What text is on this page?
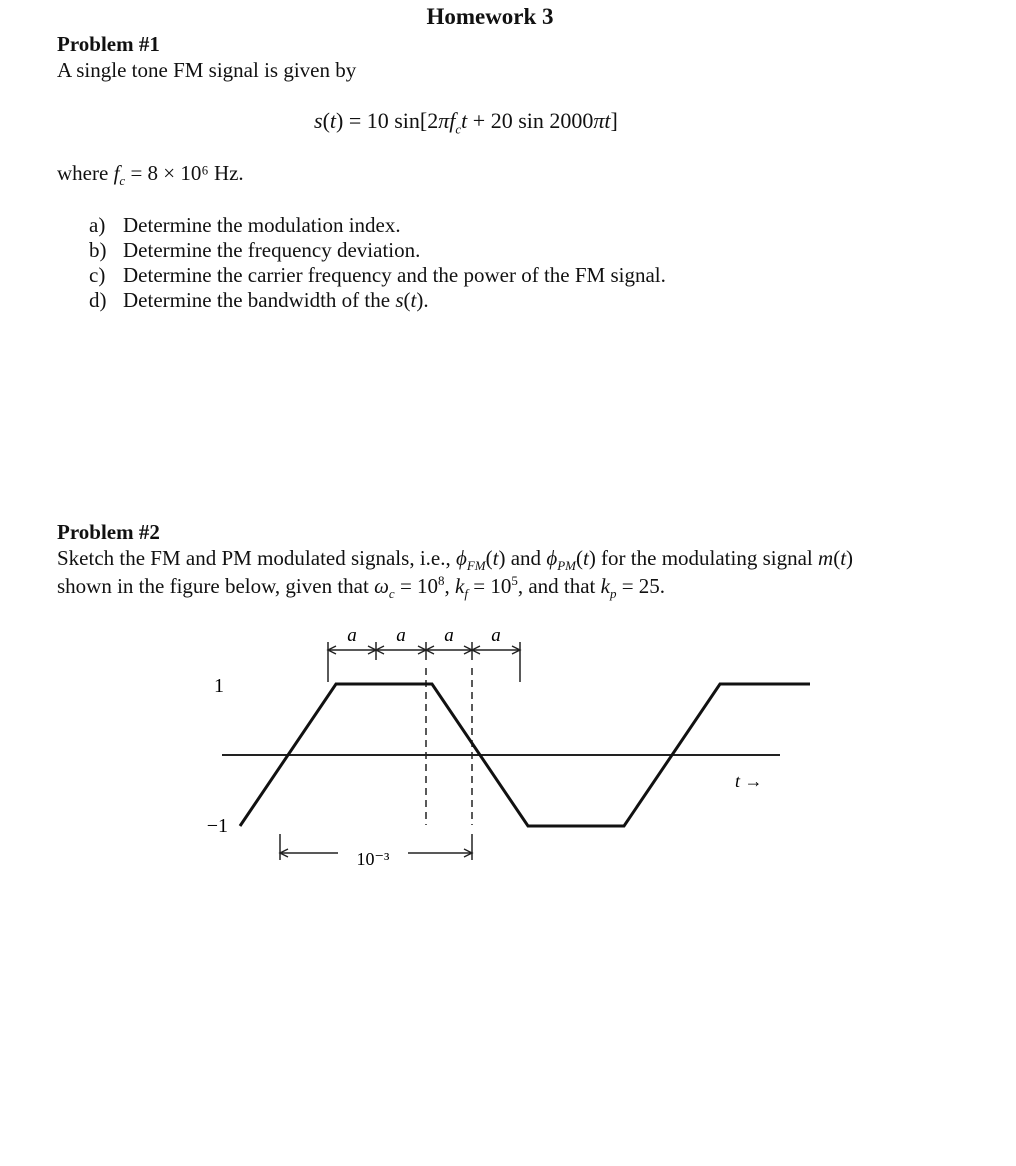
Homework 3
Problem #1
A single tone FM signal is given by
s(t) = 10 $\sin[2\pi f_ct + 20$ sin 2000πt]
where $f_c = 8 \times 10^6$ Hz.
a) Determine the modulation index.
b) Determine the frequency deviation.
c) Determine the carrier frequency and the power of the FM signal.
d) Determine the bandwidth of the s(t).
Problem #2
Sketch the FM and PM modulated signals, i.e., $\phi_{FM}(t)$ and $\phi_{PM}(t)$ for the modulating signal m(t)
shown in the figure below, given that $\omega_c = 10^8$, $k_f = 10^5$, and that $k_p = 25$.
a a a a
1
−1
10⁻³
t →
